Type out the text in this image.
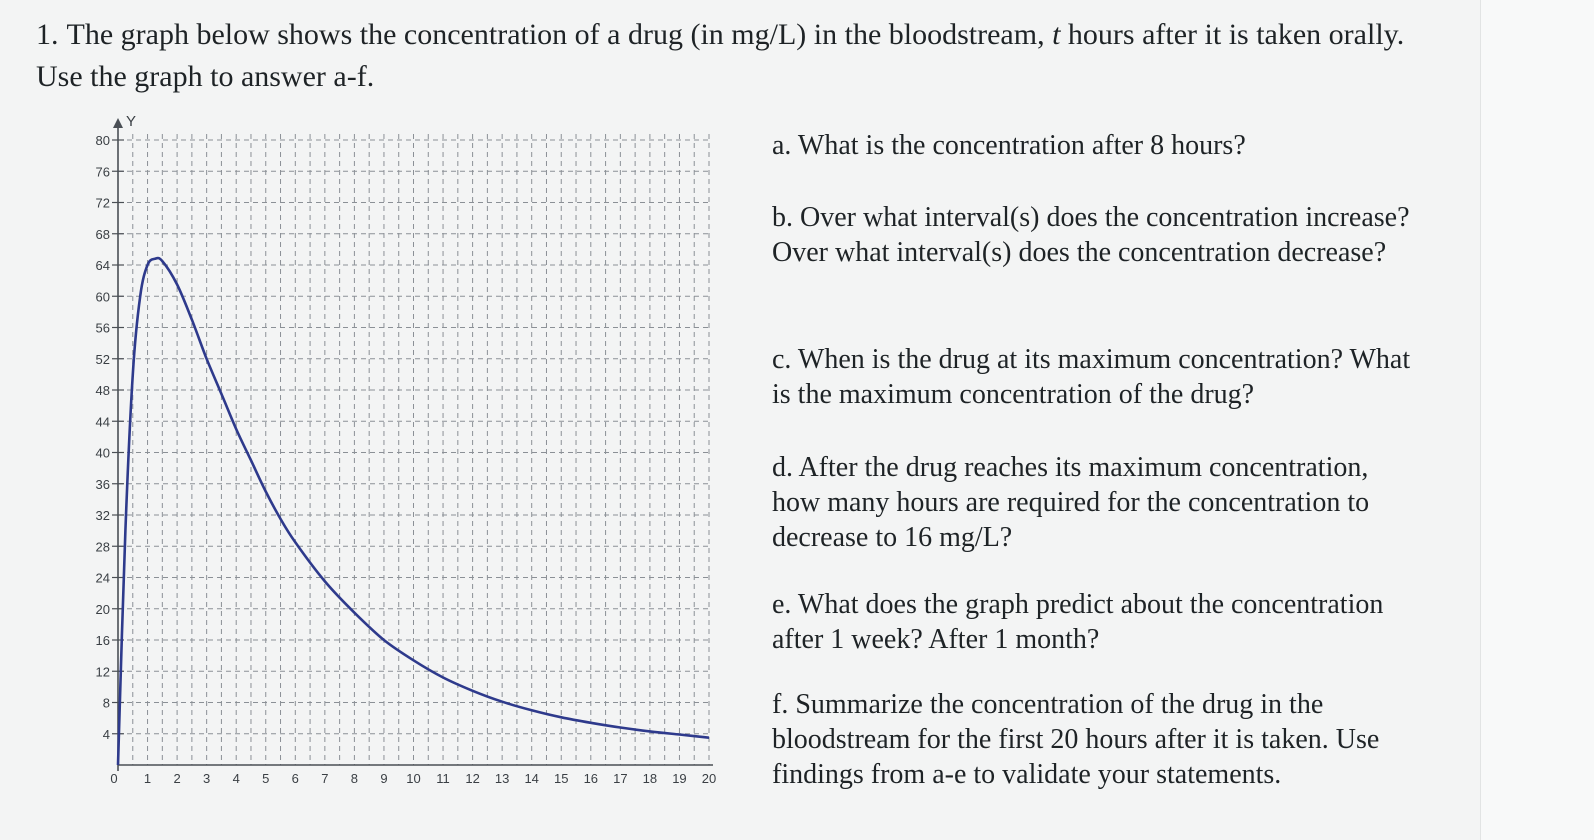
1. The graph below shows the concentration of a drug (in mg/L) in the bloodstream, t hours after it is taken orally. Use the graph to answer a-f.

Y
4
8
12
16
20
24
28
32
36
40
44
48
52
56
60
64
68
72
76
80
0 1 2 3 4 5 6 7 8 9 10 11 12 13 14 15 16 17 18 19 20

a. What is the concentration after 8 hours?

b. Over what interval(s) does the concentration increase? Over what interval(s) does the concentration decrease?

c. When is the drug at its maximum concentration? What is the maximum concentration of the drug?

d. After the drug reaches its maximum concentration, how many hours are required for the concentration to decrease to 16 mg/L?

e. What does the graph predict about the concentration after 1 week? After 1 month?

f. Summarize the concentration of the drug in the bloodstream for the first 20 hours after it is taken. Use findings from a-e to validate your statements.
